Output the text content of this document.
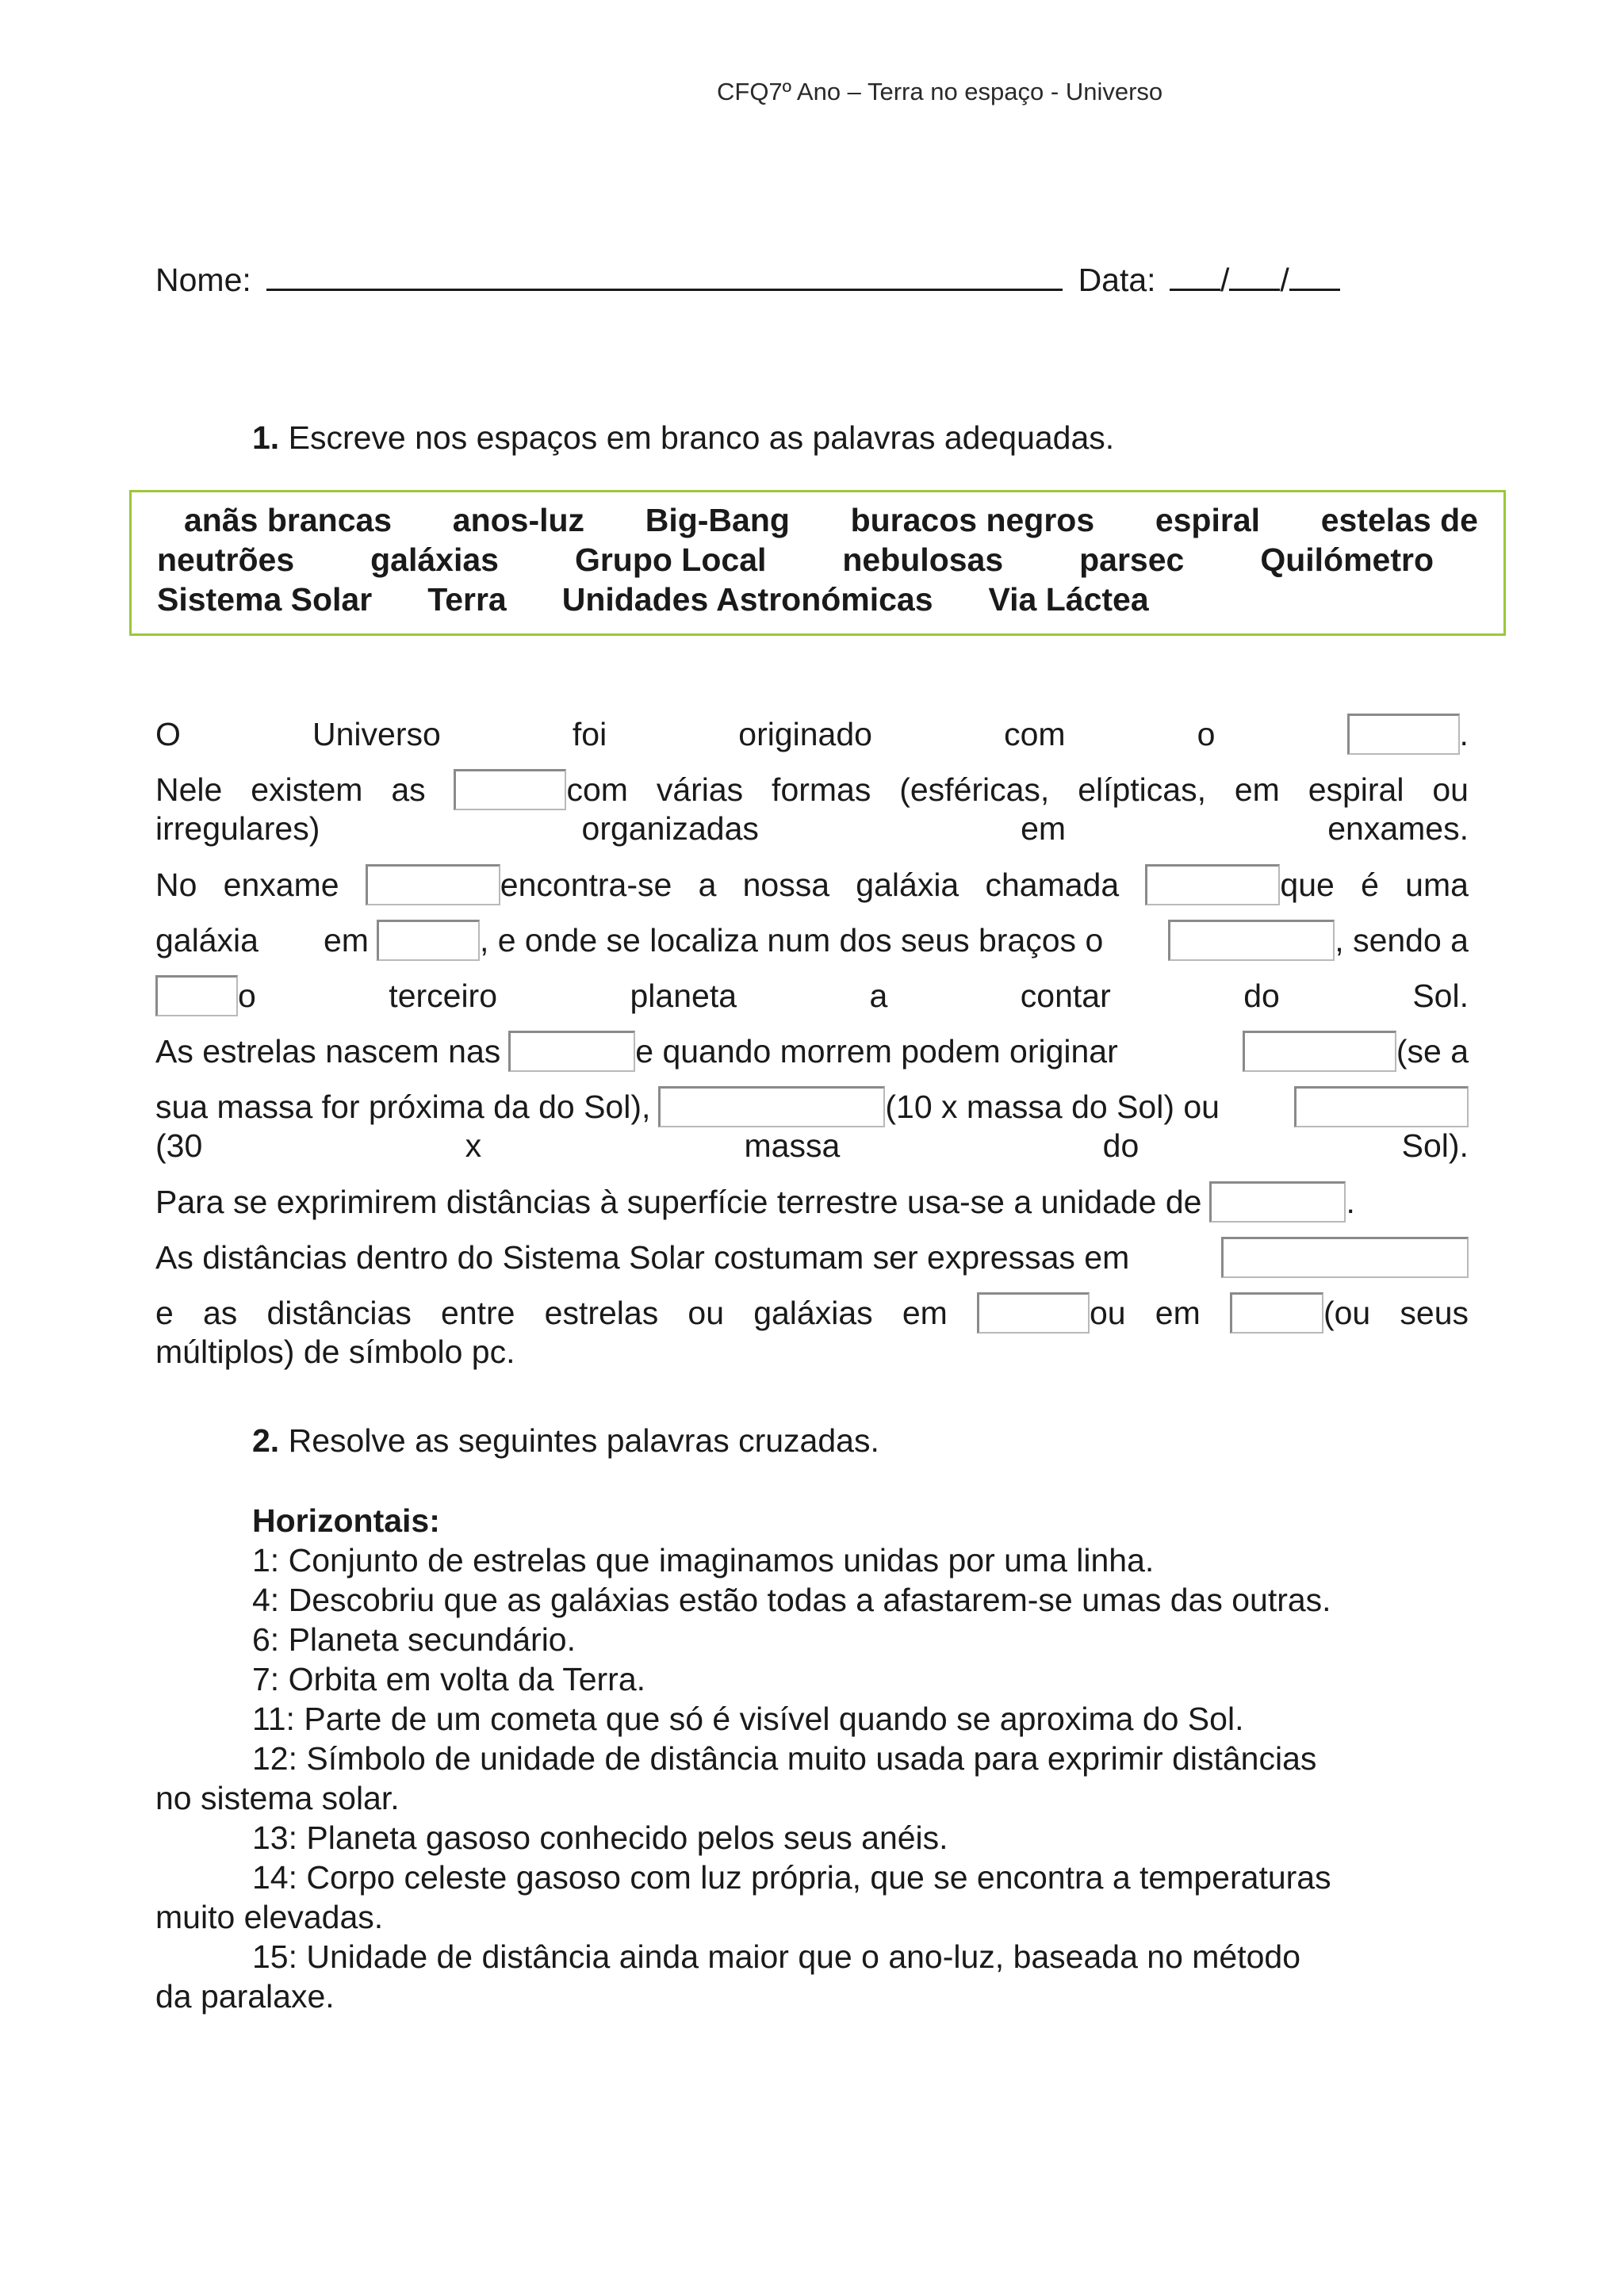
CFQ7º Ano – Terra no espaço - Universo
Nome:	Data: / /
1. Escreve nos espaços em branco as palavras adequadas.
anãs brancas anos-luz Big-Bang buracos negros espiral estelas de
neutrões galáxias Grupo Local nebulosas parsec Quilómetro
Sistema Solar Terra Unidades Astronómicas Via Láctea
O	Universo	foi	originado	com	o	.
Nele existem as	com várias formas (esféricas, elípticas, em espiral ou
irregulares)	organizadas	em	enxames.
No enxame	encontra-se a nossa galáxia chamada	que é uma
galáxia em	, e onde se localiza num dos seus braços o	, sendo a
o	terceiro	planeta	a	contar	do	Sol.
As estrelas nascem nas	e quando morrem podem originar	(se a
sua massa for próxima da do Sol),	(10 x massa do Sol) ou
(30	x	massa	do	Sol).
Para se exprimirem distâncias à superfície terrestre usa-se a unidade de	.
As distâncias dentro do Sistema Solar costumam ser expressas em
e as distâncias entre estrelas ou galáxias em	ou em	(ou seus
múltiplos) de símbolo pc.
2. Resolve as seguintes palavras cruzadas.
Horizontais:
1: Conjunto de estrelas que imaginamos unidas por uma linha.
4: Descobriu que as galáxias estão todas a afastarem-se umas das outras.
6: Planeta secundário.
7: Orbita em volta da Terra.
11: Parte de um cometa que só é visível quando se aproxima do Sol.
12: Símbolo de unidade de distância muito usada para exprimir distâncias
no sistema solar.
13: Planeta gasoso conhecido pelos seus anéis.
14: Corpo celeste gasoso com luz própria, que se encontra a temperaturas
muito elevadas.
15: Unidade de distância ainda maior que o ano-luz, baseada no método
da paralaxe.
